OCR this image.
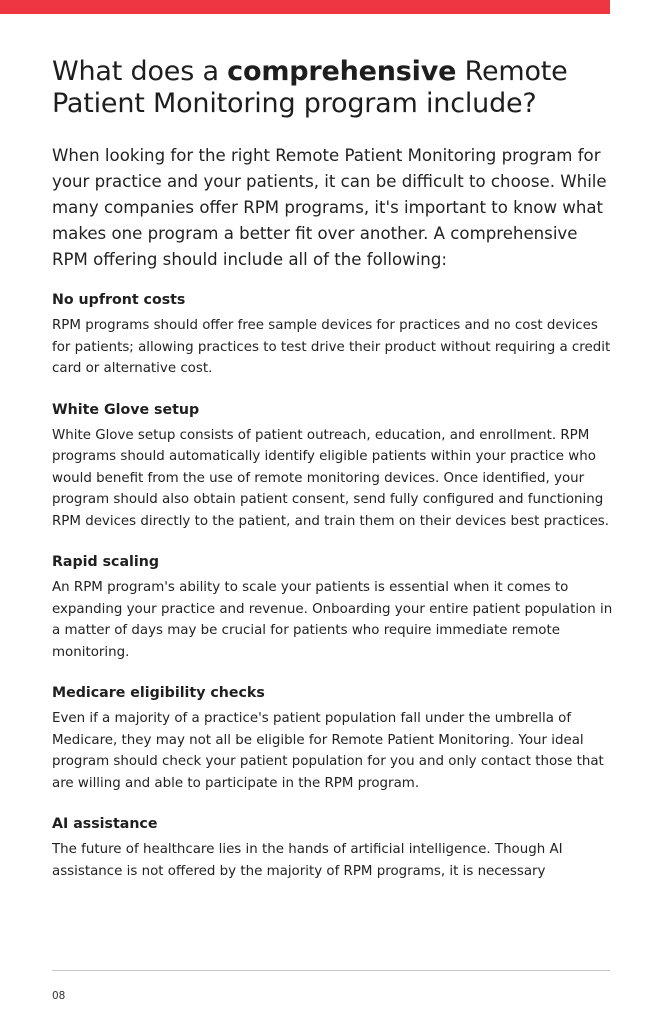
What does a comprehensive Remote Patient Monitoring program include?

When looking for the right Remote Patient Monitoring program for your practice and your patients, it can be difficult to choose. While many companies offer RPM programs, it's important to know what makes one program a better fit over another. A comprehensive RPM offering should include all of the following:

No upfront costs

RPM programs should offer free sample devices for practices and no cost devices for patients; allowing practices to test drive their product without requiring a credit card or alternative cost.

White Glove setup

White Glove setup consists of patient outreach, education, and enrollment. RPM programs should automatically identify eligible patients within your practice who would benefit from the use of remote monitoring devices. Once identified, your program should also obtain patient consent, send fully configured and functioning RPM devices directly to the patient, and train them on their devices best practices.

Rapid scaling

An RPM program's ability to scale your patients is essential when it comes to expanding your practice and revenue. Onboarding your entire patient population in a matter of days may be crucial for patients who require immediate remote monitoring.

Medicare eligibility checks

Even if a majority of a practice's patient population fall under the umbrella of Medicare, they may not all be eligible for Remote Patient Monitoring. Your ideal program should check your patient population for you and only contact those that are willing and able to participate in the RPM program.

AI assistance

The future of healthcare lies in the hands of artificial intelligence. Though AI assistance is not offered by the majority of RPM programs, it is necessary

08
